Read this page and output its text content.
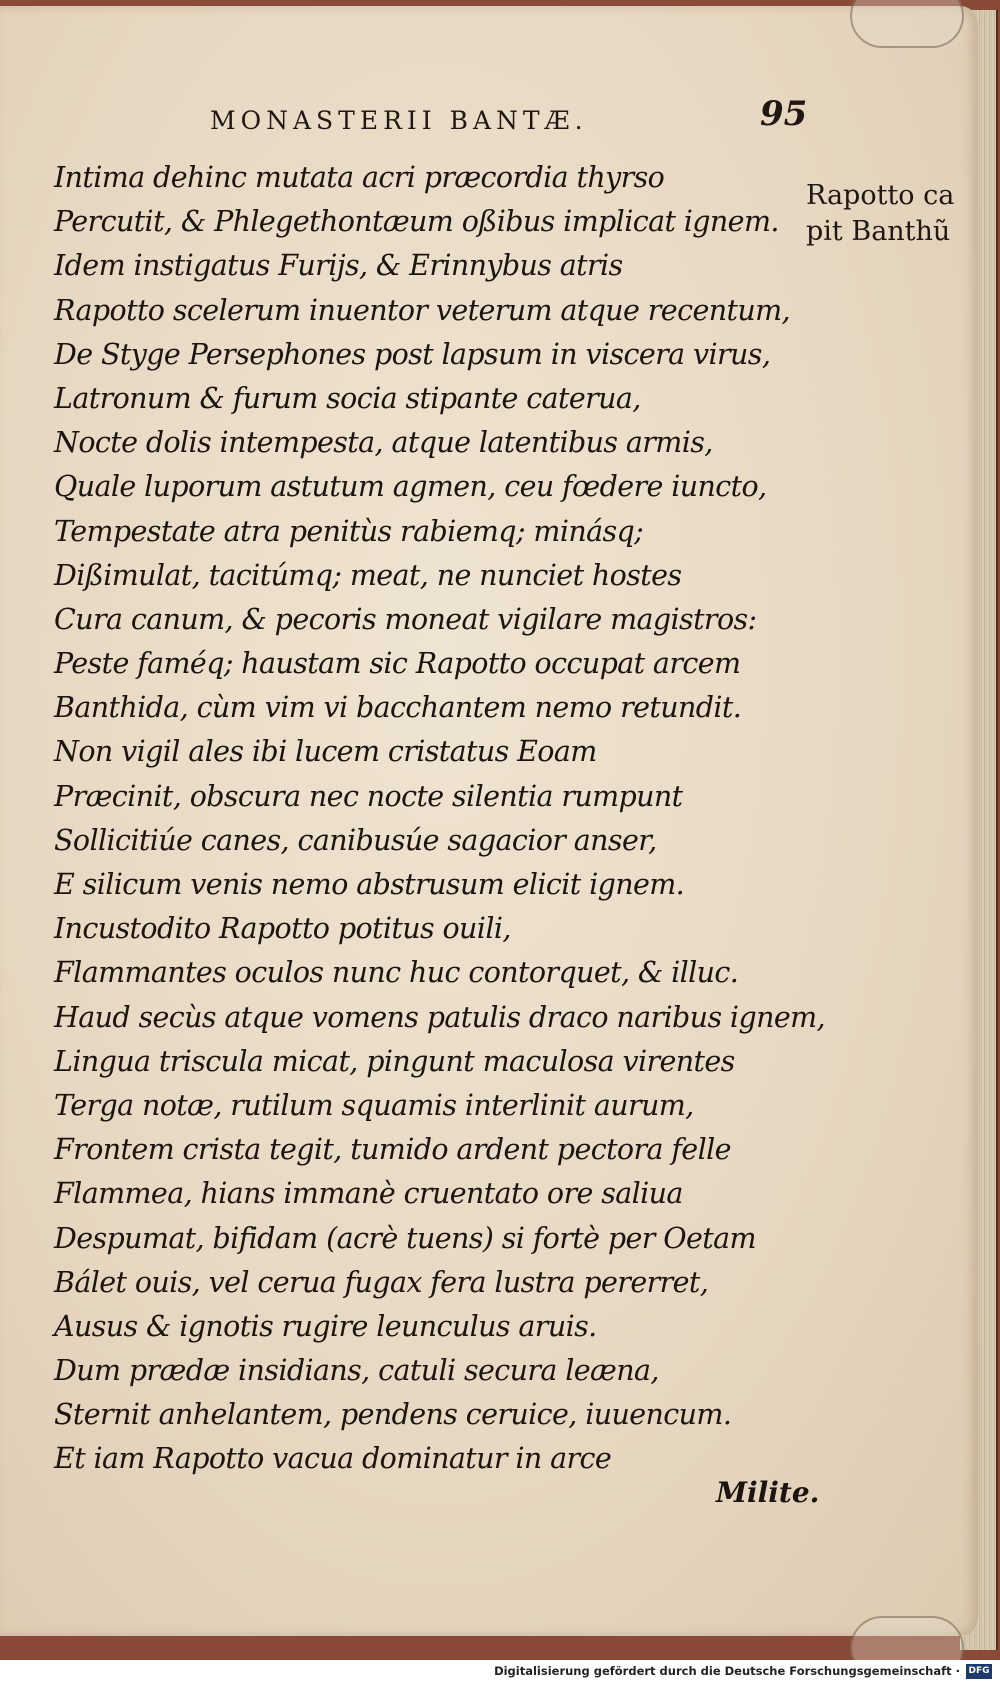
MONASTERII BANTÆ.	95
Rapotto ca
pit Banthũ
Intima dehinc mutata acri præcordia thyrso
Percutit, & Phlegethontæum oßibus implicat ignem.
Idem instigatus Furijs, & Erinnybus atris
Rapotto scelerum inuentor veterum atque recentum,
De Styge Persephones post lapsum in viscera virus,
Latronum & furum socia stipante caterua,
Nocte dolis intempesta, atque latentibus armis,
Quale luporum astutum agmen, ceu fœdere iuncto,
Tempestate atra penitùs rabiemq; minásq;
Dißimulat, tacitúmq; meat, ne nunciet hostes
Cura canum, & pecoris moneat vigilare magistros:
Peste faméq; haustam sic Rapotto occupat arcem
Banthida, cùm vim vi bacchantem nemo retundit.
Non vigil ales ibi lucem cristatus Eoam
Præcinit, obscura nec nocte silentia rumpunt
Sollicitiúe canes, canibusúe sagacior anser,
E silicum venis nemo abstrusum elicit ignem.
Incustodito Rapotto potitus ouili,
Flammantes oculos nunc huc contorquet, & illuc.
Haud secùs atque vomens patulis draco naribus ignem,
Lingua triscula micat, pingunt maculosa virentes
Terga notæ, rutilum squamis interlinit aurum,
Frontem crista tegit, tumido ardent pectora felle
Flammea, hians immanè cruentato ore saliua
Despumat, bifidam (acrè tuens) si fortè per Oetam
Bálet ouis, vel cerua fugax fera lustra pererret,
Ausus & ignotis rugire leunculus aruis.
Dum prædæ insidians, catuli secura leæna,
Sternit anhelantem, pendens ceruice, iuuencum.
Et iam Rapotto vacua dominatur in arce
Milite.
Digitalisierung gefördert durch die Deutsche Forschungsgemeinschaft · DFG
